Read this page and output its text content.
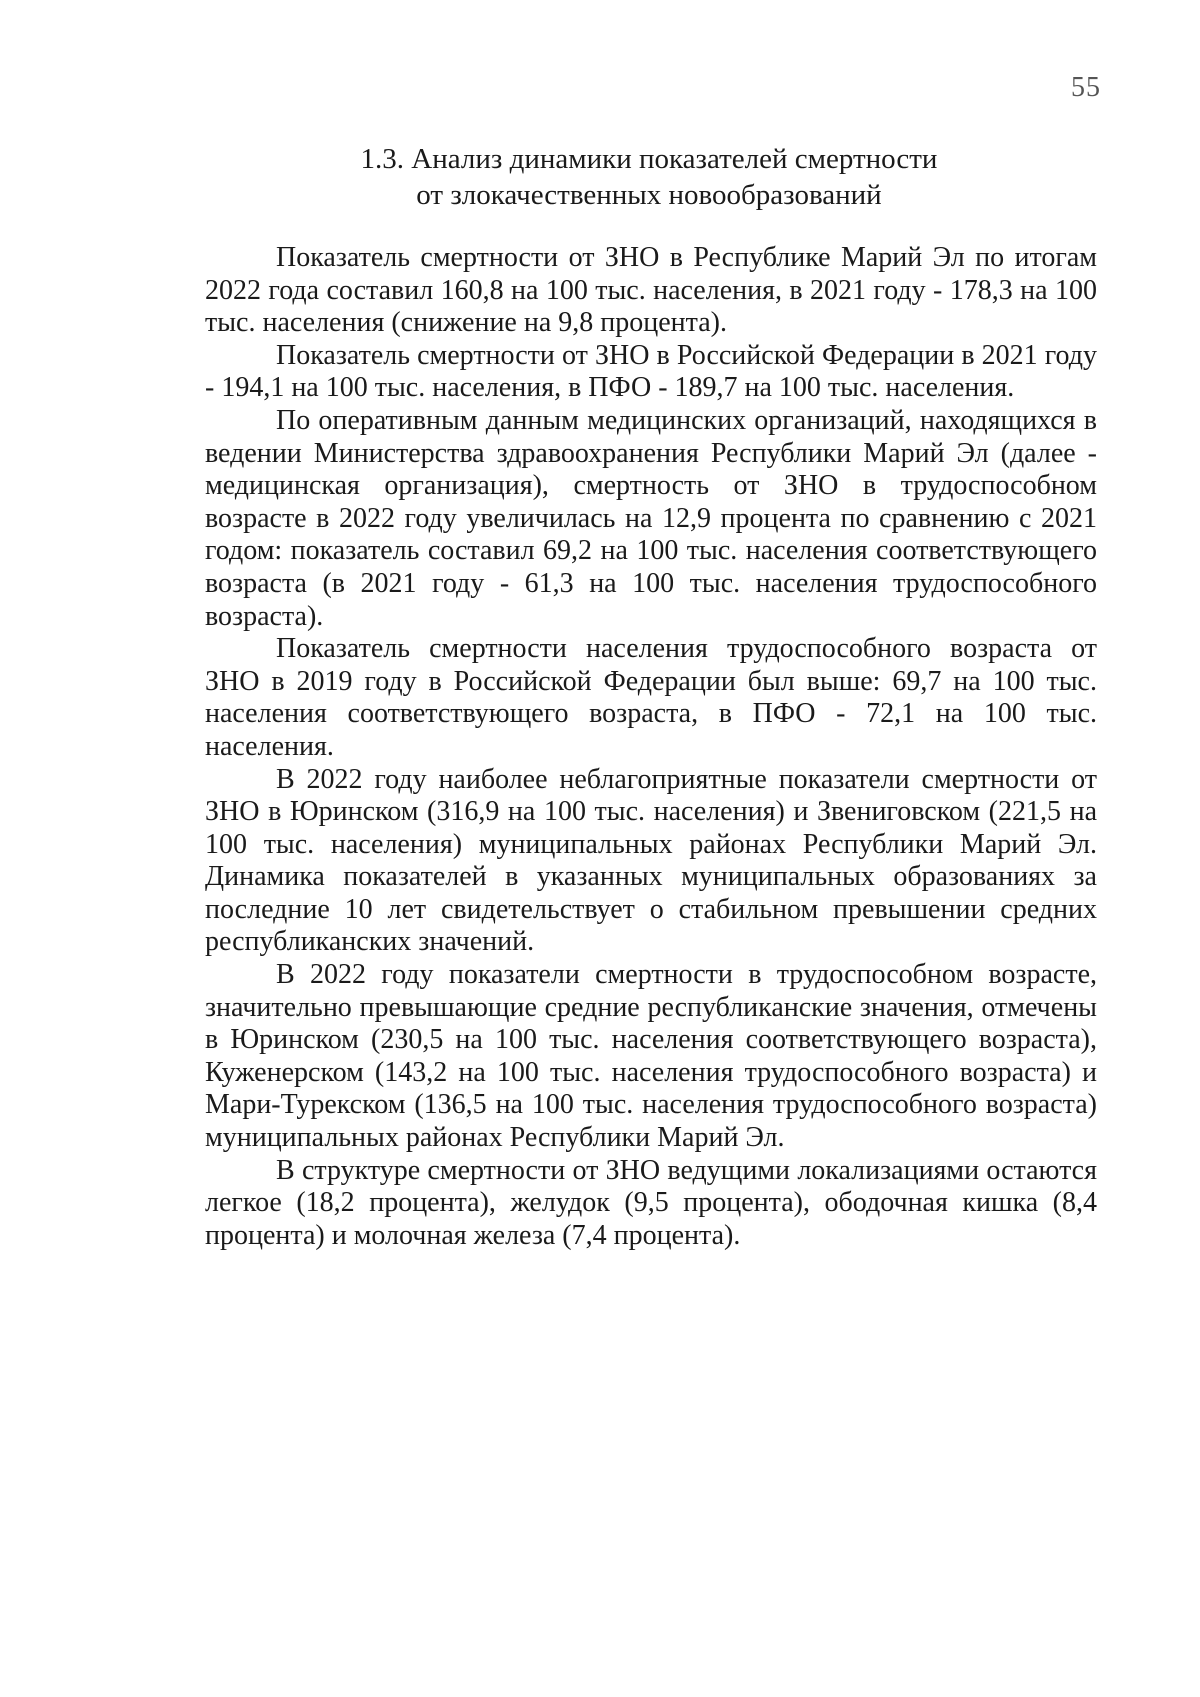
55
1.3. Анализ динамики показателей смертности
от злокачественных новообразований

Показатель смертности от ЗНО в Республике Марий Эл по итогам 2022 года составил 160,8 на 100 тыс. населения, в 2021 году - 178,3 на 100 тыс. населения (снижение на 9,8 процента).

Показатель смертности от ЗНО в Российской Федерации в 2021 году - 194,1 на 100 тыс. населения, в ПФО - 189,7 на 100 тыс. населения.

По оперативным данным медицинских организаций, находящихся в ведении Министерства здравоохранения Республики Марий Эл (далее - медицинская организация), смертность от ЗНО в трудоспособном возрасте в 2022 году увеличилась на 12,9 процента по сравнению с 2021 годом: показатель составил 69,2 на 100 тыс. населения соответствующего возраста (в 2021 году - 61,3 на 100 тыс. населения трудоспособного возраста).

Показатель смертности населения трудоспособного возраста от ЗНО в 2019 году в Российской Федерации был выше: 69,7 на 100 тыс. населения соответствующего возраста, в ПФО - 72,1 на 100 тыс. населения.

В 2022 году наиболее неблагоприятные показатели смертности от ЗНО в Юринском (316,9 на 100 тыс. населения) и Звениговском (221,5 на 100 тыс. населения) муниципальных районах Республики Марий Эл. Динамика показателей в указанных муниципальных образованиях за последние 10 лет свидетельствует о стабильном превышении средних республиканских значений.

В 2022 году показатели смертности в трудоспособном возрасте, значительно превышающие средние республиканские значения, отмечены в Юринском (230,5 на 100 тыс. населения соответствующего возраста), Куженерском (143,2 на 100 тыс. населения трудоспособного возраста) и Мари-Турекском (136,5 на 100 тыс. населения трудоспособного возраста) муниципальных районах Республики Марий Эл.

В структуре смертности от ЗНО ведущими локализациями остаются легкое (18,2 процента), желудок (9,5 процента), ободочная кишка (8,4 процента) и молочная железа (7,4 процента).
